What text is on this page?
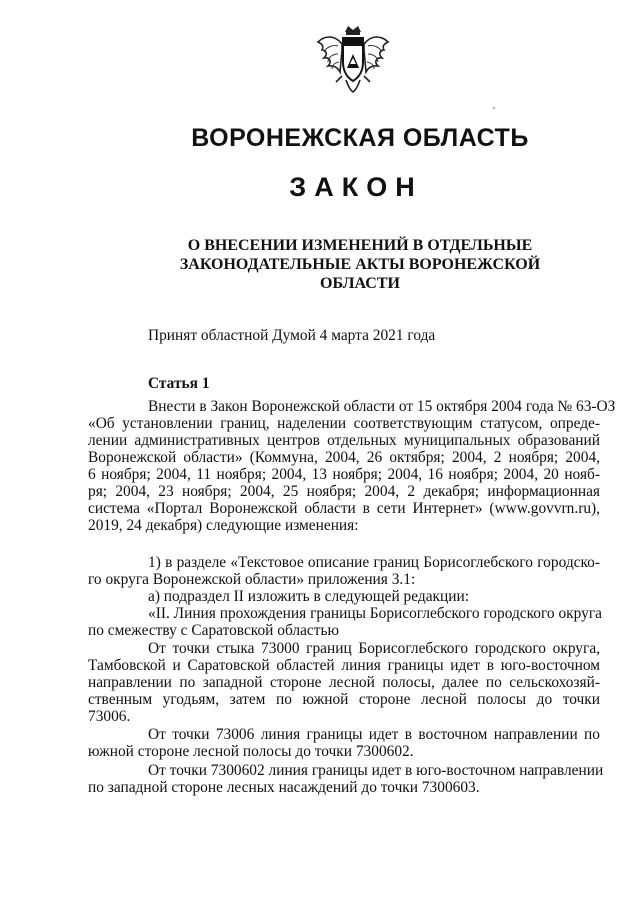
ВОРОНЕЖСКАЯ ОБЛАСТЬ
ЗАКОН
О ВНЕСЕНИИ ИЗМЕНЕНИЙ В ОТДЕЛЬНЫЕ
ЗАКОНОДАТЕЛЬНЫЕ АКТЫ ВОРОНЕЖСКОЙ
ОБЛАСТИ
Принят областной Думой 4 марта 2021 года
Статья 1
Внести в Закон Воронежской области от 15 октября 2004 года № 63-ОЗ
«Об установлении границ, наделении соответствующим статусом, опреде-
лении административных центров отдельных муниципальных образований
Воронежской области» (Коммуна, 2004, 26 октября; 2004, 2 ноября; 2004,
6 ноября; 2004, 11 ноября; 2004, 13 ноября; 2004, 16 ноября; 2004, 20 нояб-
ря; 2004, 23 ноября; 2004, 25 ноября; 2004, 2 декабря; информационная
система «Портал Воронежской области в сети Интернет» (www.govvrn.ru),
2019, 24 декабря) следующие изменения:
1) в разделе «Текстовое описание границ Борисоглебского городско-
го округа Воронежской области» приложения 3.1:
а) подраздел II изложить в следующей редакции:
«II. Линия прохождения границы Борисоглебского городского округа
по смежеству с Саратовской областью
От точки стыка 73000 границ Борисоглебского городского округа,
Тамбовской и Саратовской областей линия границы идет в юго-восточном
направлении по западной стороне лесной полосы, далее по сельскохозяй-
ственным угодьям, затем по южной стороне лесной полосы до точки
73006.
От точки 73006 линия границы идет в восточном направлении по
южной стороне лесной полосы до точки 7300602.
От точки 7300602 линия границы идет в юго-восточном направлении
по западной стороне лесных насаждений до точки 7300603.
